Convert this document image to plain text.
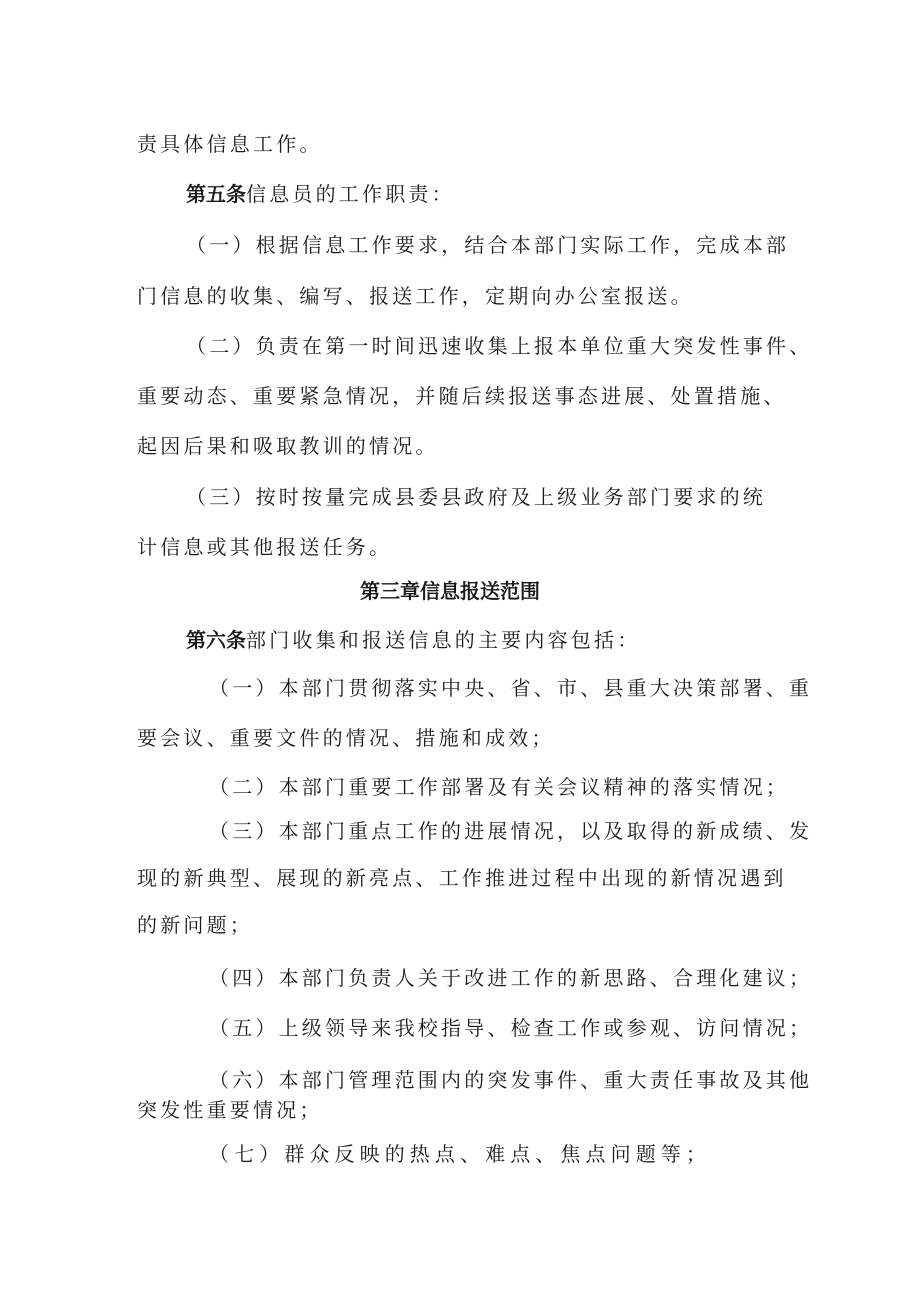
责具体信息工作。
第五条信息员的工作职责：
（一）根据信息工作要求，结合本部门实际工作，完成本部
门信息的收集、编写、报送工作，定期向办公室报送。
（二）负责在第一时间迅速收集上报本单位重大突发性事件、
重要动态、重要紧急情况，并随后续报送事态进展、处置措施、
起因后果和吸取教训的情况。
（三）按时按量完成县委县政府及上级业务部门要求的统
计信息或其他报送任务。
第三章信息报送范围
第六条部门收集和报送信息的主要内容包括：
（一）本部门贯彻落实中央、省、市、县重大决策部署、重
要会议、重要文件的情况、措施和成效；
（二）本部门重要工作部署及有关会议精神的落实情况；
（三）本部门重点工作的进展情况，以及取得的新成绩、发
现的新典型、展现的新亮点、工作推进过程中出现的新情况遇到
的新问题；
（四）本部门负责人关于改进工作的新思路、合理化建议；
（五）上级领导来我校指导、检查工作或参观、访问情况；
（六）本部门管理范围内的突发事件、重大责任事故及其他
突发性重要情况；
（七）群众反映的热点、难点、焦点问题等；
